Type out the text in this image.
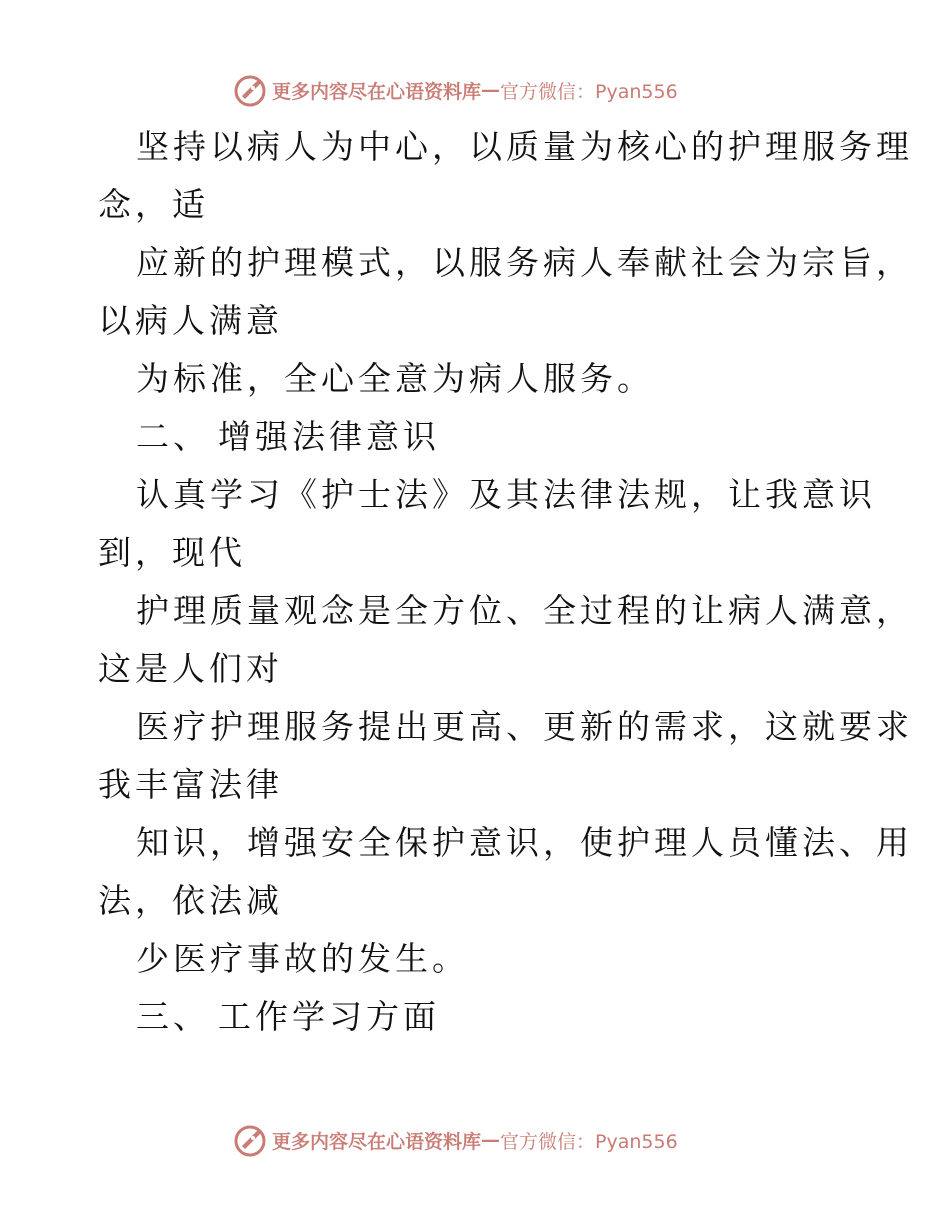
更多内容尽在心语资料库 — 官方微信：Pyan556
坚持以病人为中心，以质量为核心的护理服务理
念，适
应新的护理模式，以服务病人奉献社会为宗旨，
以病人满意
为标准，全心全意为病人服务。
二、 增强法律意识
认真学习《护士法》及其法律法规，让我意识
到，现代
护理质量观念是全方位、全过程的让病人满意，
这是人们对
医疗护理服务提出更高、更新的需求，这就要求
我丰富法律
知识，增强安全保护意识，使护理人员懂法、用
法，依法减
少医疗事故的发生。
三、 工作学习方面
更多内容尽在心语资料库 — 官方微信：Pyan556
